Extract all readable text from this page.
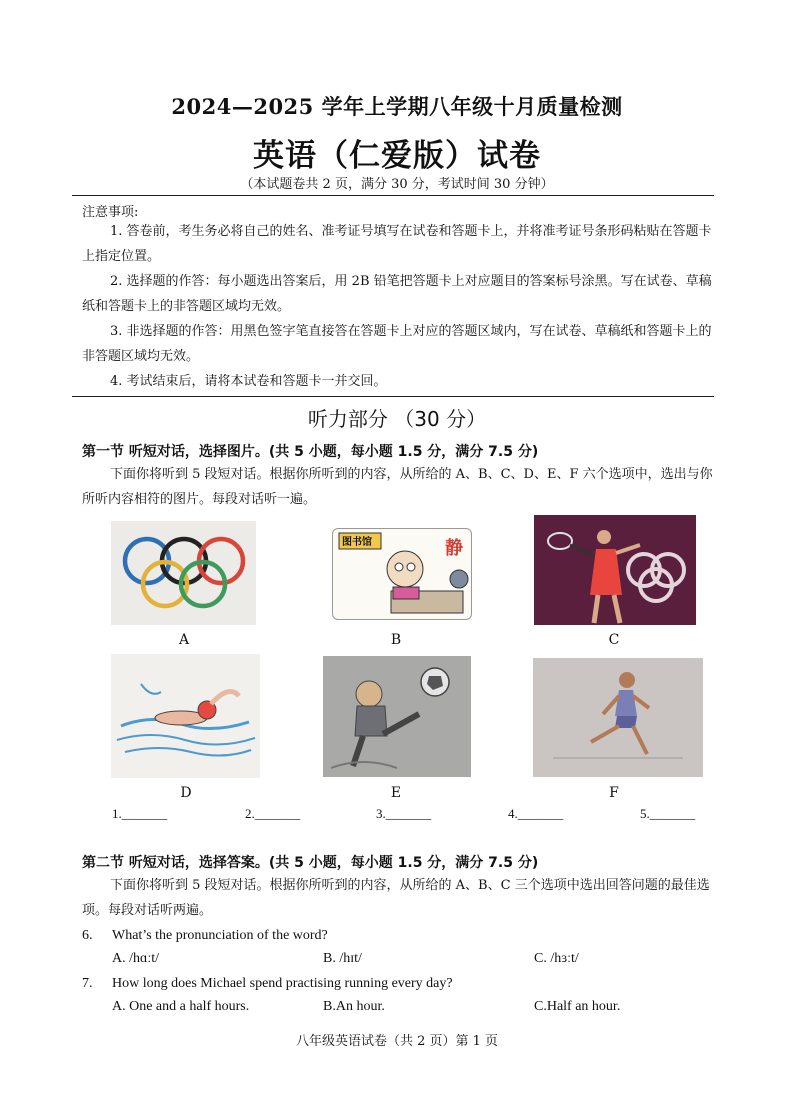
2024—2025 学年上学期八年级十月质量检测
英语（仁爱版）试卷
（本试题卷共 2 页，满分 30 分，考试时间 30 分钟）
注意事项:
1. 答卷前，考生务必将自己的姓名、准考证号填写在试卷和答题卡上，并将准考证号条形码粘贴在答题卡上指定位置。
2. 选择题的作答：每小题选出答案后，用 2B 铅笔把答题卡上对应题目的答案标号涂黑。写在试卷、草稿纸和答题卡上的非答题区域均无效。
3. 非选择题的作答：用黑色签字笔直接答在答题卡上对应的答题区域内，写在试卷、草稿纸和答题卡上的非答题区域均无效。
4. 考试结束后，请将本试卷和答题卡一并交回。
听力部分 （30 分）
第一节 听短对话，选择图片。(共 5 小题，每小题 1.5 分，满分 7.5 分)
下面你将听到 5 段短对话。根据你所听到的内容，从所给的 A、B、C、D、E、F 六个选项中，选出与你所听内容相符的图片。每段对话听一遍。
A
图书馆	静
B	C
D	E	F
1._______	2._______	3._______	4._______	5._______
第二节 听短对话，选择答案。(共 5 小题，每小题 1.5 分，满分 7.5 分)
下面你将听到 5 段短对话。根据你所听到的内容，从所给的 A、B、C 三个选项中选出回答问题的最佳选项。每段对话听两遍。
6. What’s the pronunciation of the word?
A. /hɑːt/	B. /hɪt/	C. /hɜːt/
7. How long does Michael spend practising running every day?
A. One and a half hours.	B.An hour.	C.Half an hour.
八年级英语试卷（共 2 页）第 1 页
